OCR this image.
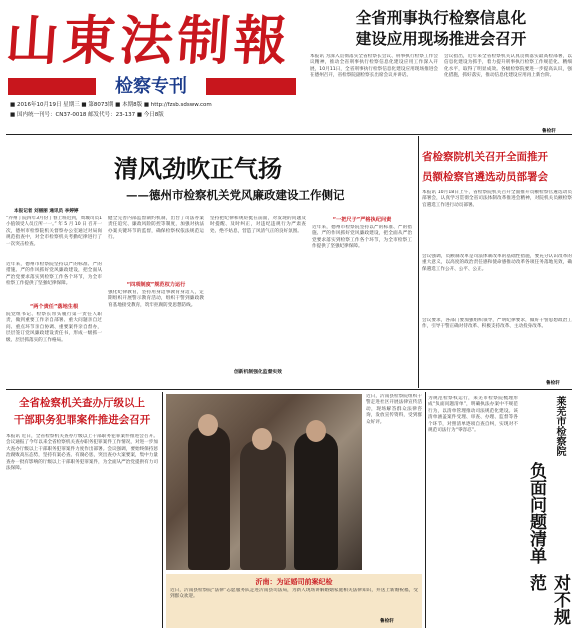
山東法制報
检察专刊
■ 2016年10月19日 星期三 ■ 第8073期 ■ 本期8版 ■ http://fzsb.sdsww.com
■ 国内统一刊号：CN37-0018 邮发代号：23-137 ■ 今日8版
全省刑事执行检察信息化
建设应用现场推进会召开
本报讯 为深入贯彻落实全省检察长会议、刑事执行检察工作会议精神，推动全省刑事执行检察信息化建设应用工作深入开展，10月11日，全省刑事执行检察信息化建设应用现场推进会在德州召开，省检察院副检察长出席会议并讲话。
会议指出，近年来全省检察机关认真贯彻落实最高检部署，以信息化建设为抓手，着力提升刑事执行检察工作规范化、精细化水平，取得了明显成效。各级检察院要进一步提高认识，强化措施，抓好落实，推动信息化建设应用再上新台阶。
鲁检轩
清风劲吹正气扬
——德州市检察机关党风廉政建设工作侧记
本报记者 刘丽丽 通讯员 李婷婷
“乔州丁院四年3月份丁春上班迟到，周城司员1小值领受人员丘所一一。” 年 5 月 10 日 召开一次，德州市检察院机关督察办公室通过对局岗规范指查中，对全市检察机关考勤纪律进行了一次突击检查。
近年来，德州市检察院坚持以严的标准、严的措施、严的作风抓好党风廉政建设，把全面从严治党要求落实到检察工作各个环节，为全市检察工作提供了坚强纪律保障。
“两个责任”落地生根
院党组书记、检察长带头履行第一责任人职责，做到重要工作亲自部署、重大问题亲自过问、重点环节亲自协调、重要案件亲自督办，层层签订党风廉政建设责任书，形成一级抓一级、层层抓落实的工作格局。
健全完善内部监督制约机制，出台了司法办案责任追究、廉政风险防控等制度，加强对执法办案关键环节的监督，确保检察权依法规范运行。
“四项制度”规范权力运行
强化纪律教育，坚持用身边事教育身边人，定期组织开展警示教育活动，组织干警到廉政教育基地接受教育，筑牢拒腐防变思想防线。
坚持把纪律和规矩挺在前面，对发现的问题及时提醒、及时纠正，对违纪违规行为严肃查处、绝不姑息，营造了风清气正的良好氛围。
创新机制强化监督实效
“一把尺子”严格执纪问责
近年来，德州市检察院坚持以严的标准、严的措施、严的作风抓好党风廉政建设，把全面从严治党要求落实到检察工作各个环节，为全市检察工作提供了坚强纪律保障。
省检察院机关召开全面推开
员额检察官遴选动员部署会
本报讯 10月18日上午，省检察院机关召开全面推开员额检察官遴选动员部署会，认真学习贯彻全省司法体制改革推进会精神，对院机关员额检察官遴选工作进行动员部署。
会议强调，员额制改革是司法体制改革的基础性措施，要充分认识改革的重大意义，以高度的政治责任感和使命感推动改革各项任务落地见效，确保遴选工作公开、公平、公正。
会议要求，各部门要加强组织领导，严明纪律要求，做好干警思想政治工作，引导干警正确对待改革、积极支持改革、主动投身改革。
鲁检轩
全省检察机关查办厅级以上
干部职务犯罪案件推进会召开
本报讯 近日，全省检察机关查办厅级以上干部职务犯罪案件推进会召开。会议通报了今年以来全省检察机关查办职务犯罪案件工作情况，对进一步加大查办厅级以上干部职务犯罪案件力度作出部署。会议强调，要始终保持惩治腐败高压态势，坚持有案必查、有腐必惩，突出查办大案要案，集中力量查办一批有影响的厅级以上干部职务犯罪案件，为全面从严治党提供有力司法保障。
近日，沂南县检察院组织干警走进社区开展法律宣传活动，现场解答群众法律咨询，发放宣传资料，受到群众好评。
沂南：为证婚司前案纪检
近日，沂南县检察院“法律”志愿服务队走进沂南县司法局，为新人现场讲解婚姻家庭相关法律知识，并送上新婚祝福，受到群众欢迎。
鲁检轩
为规范检察权运行，莱芜市检察院梳理形成“负面问题清单”，明确执法办案中不规范行为，以清单管理推动司法规范化建设。该清单涵盖案件受理、审查、办理、监督等各个环节，对照清单逐项自查自纠，实现对不规范司法行为“零容忍”。
负面问题清单
对不规范
莱芜市检察院
